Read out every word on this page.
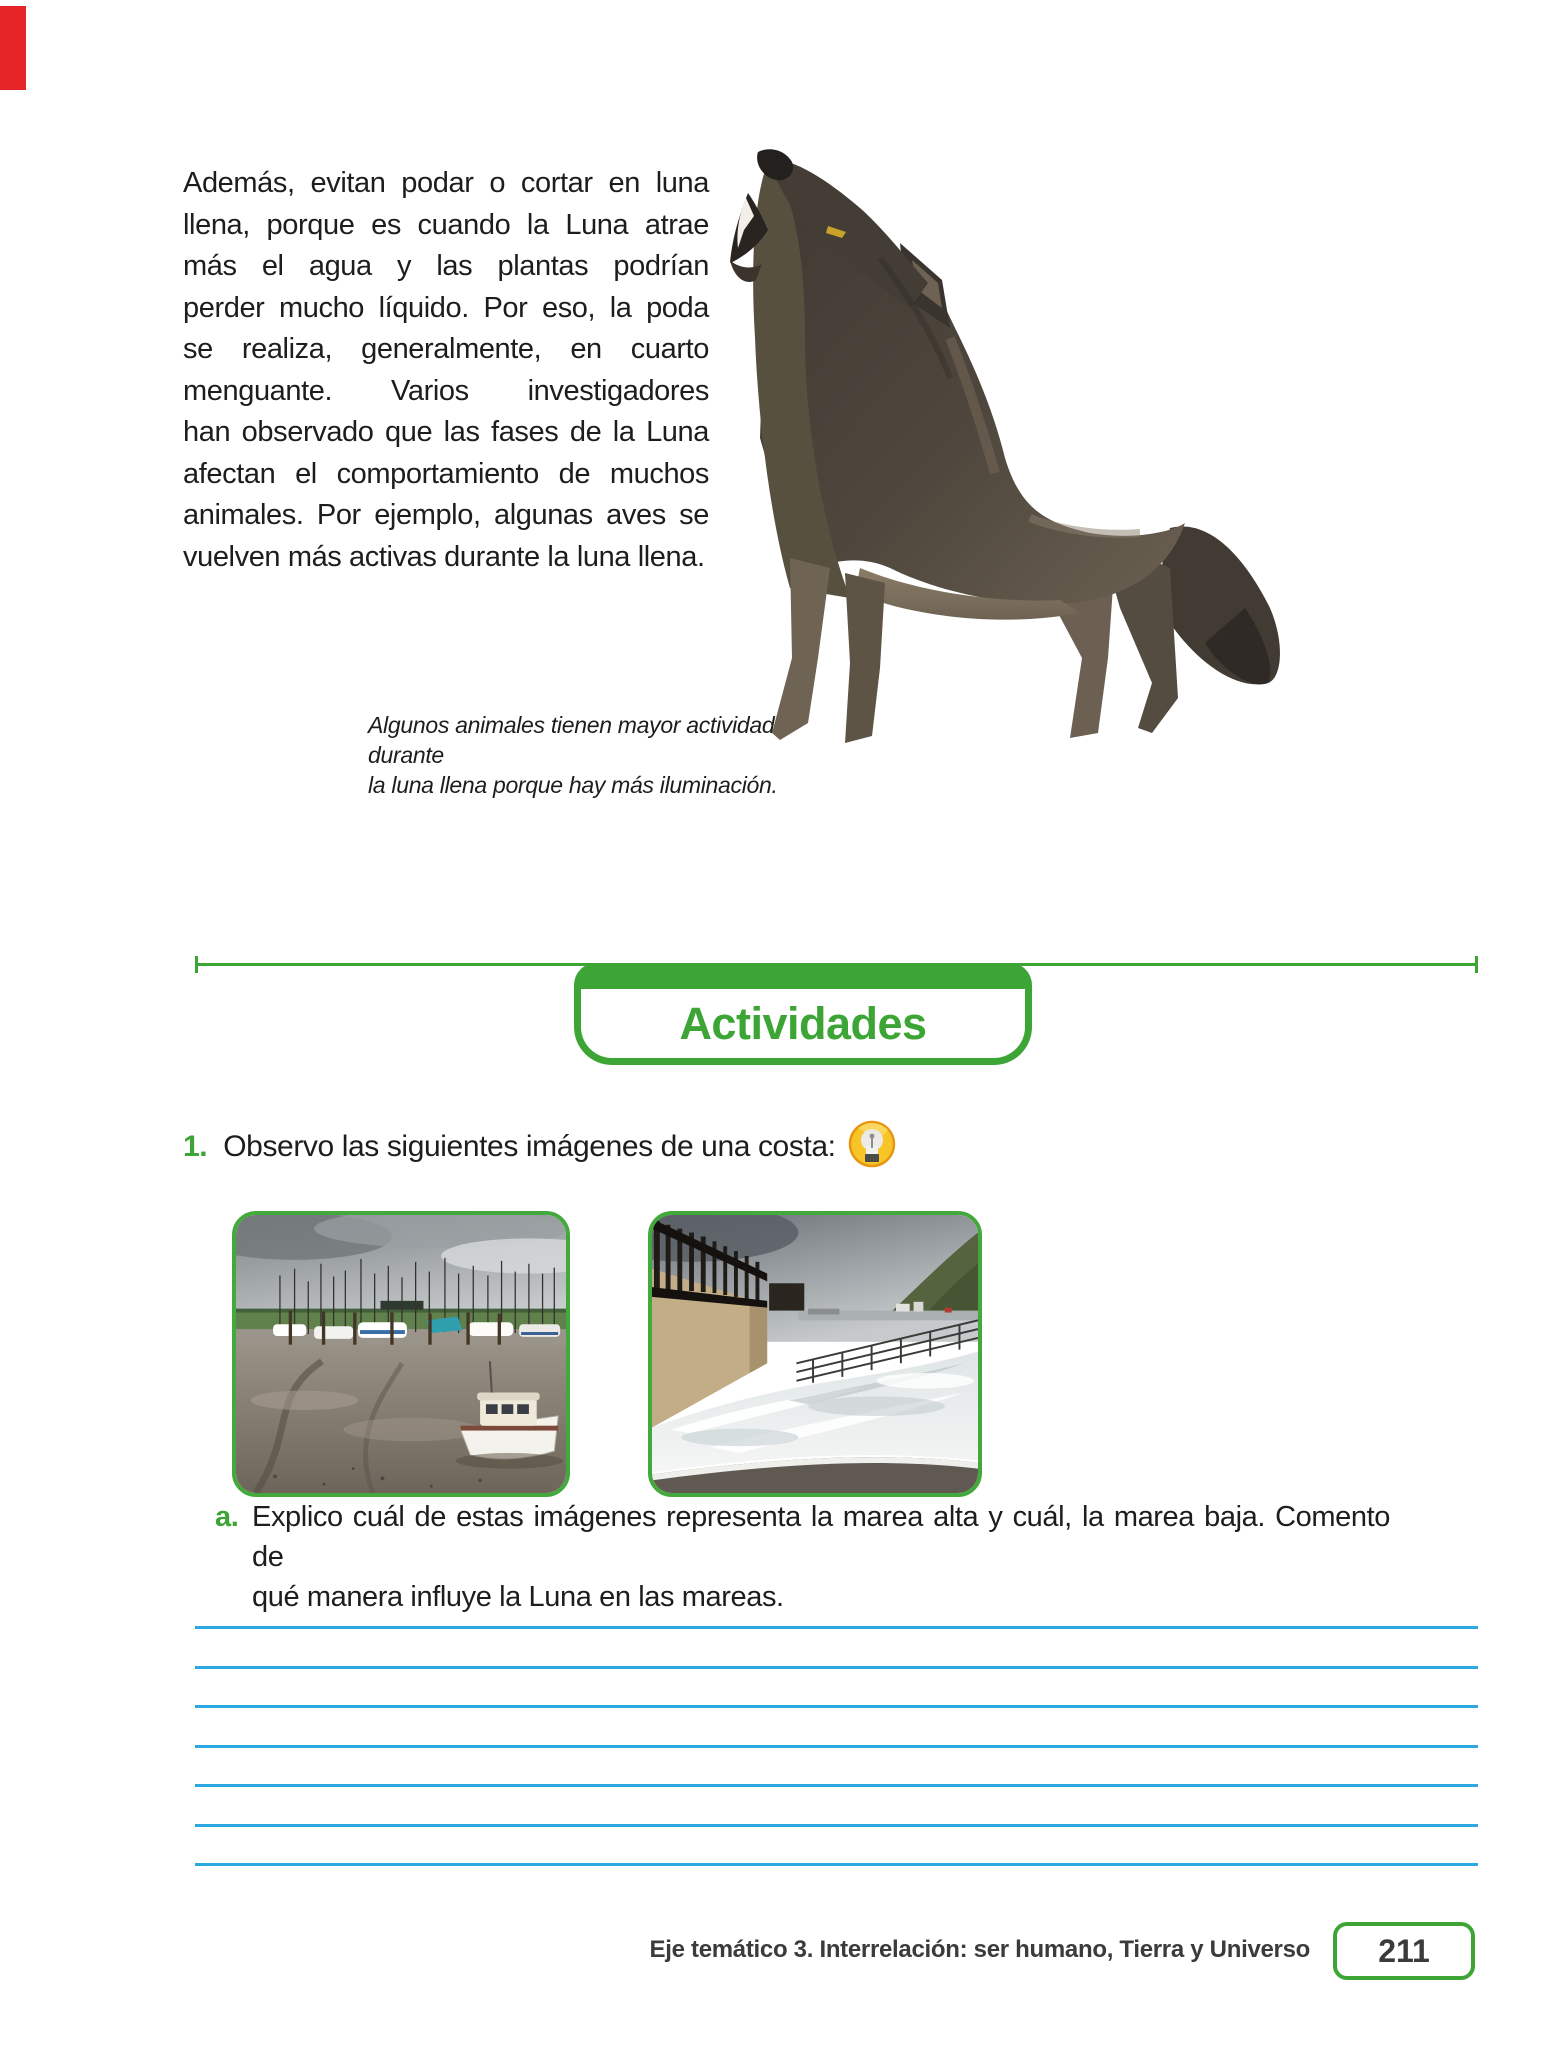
Además, evitan podar o cortar en luna
llena, porque es cuando la Luna atrae
más el agua y las plantas podrían
perder mucho líquido. Por eso, la poda
se realiza, generalmente, en cuarto
menguante. Varios investigadores
han observado que las fases de la Luna
afectan el comportamiento de muchos
animales. Por ejemplo, algunas aves se
vuelven más activas durante la luna llena.
Algunos animales tienen mayor actividad durante
la luna llena porque hay más iluminación.
Actividades
1. Observo las siguientes imágenes de una costa:
a. Explico cuál de estas imágenes representa la marea alta y cuál, la marea baja. Comento de
qué manera influye la Luna en las mareas.
Eje temático 3. Interrelación: ser humano, Tierra y Universo 211
